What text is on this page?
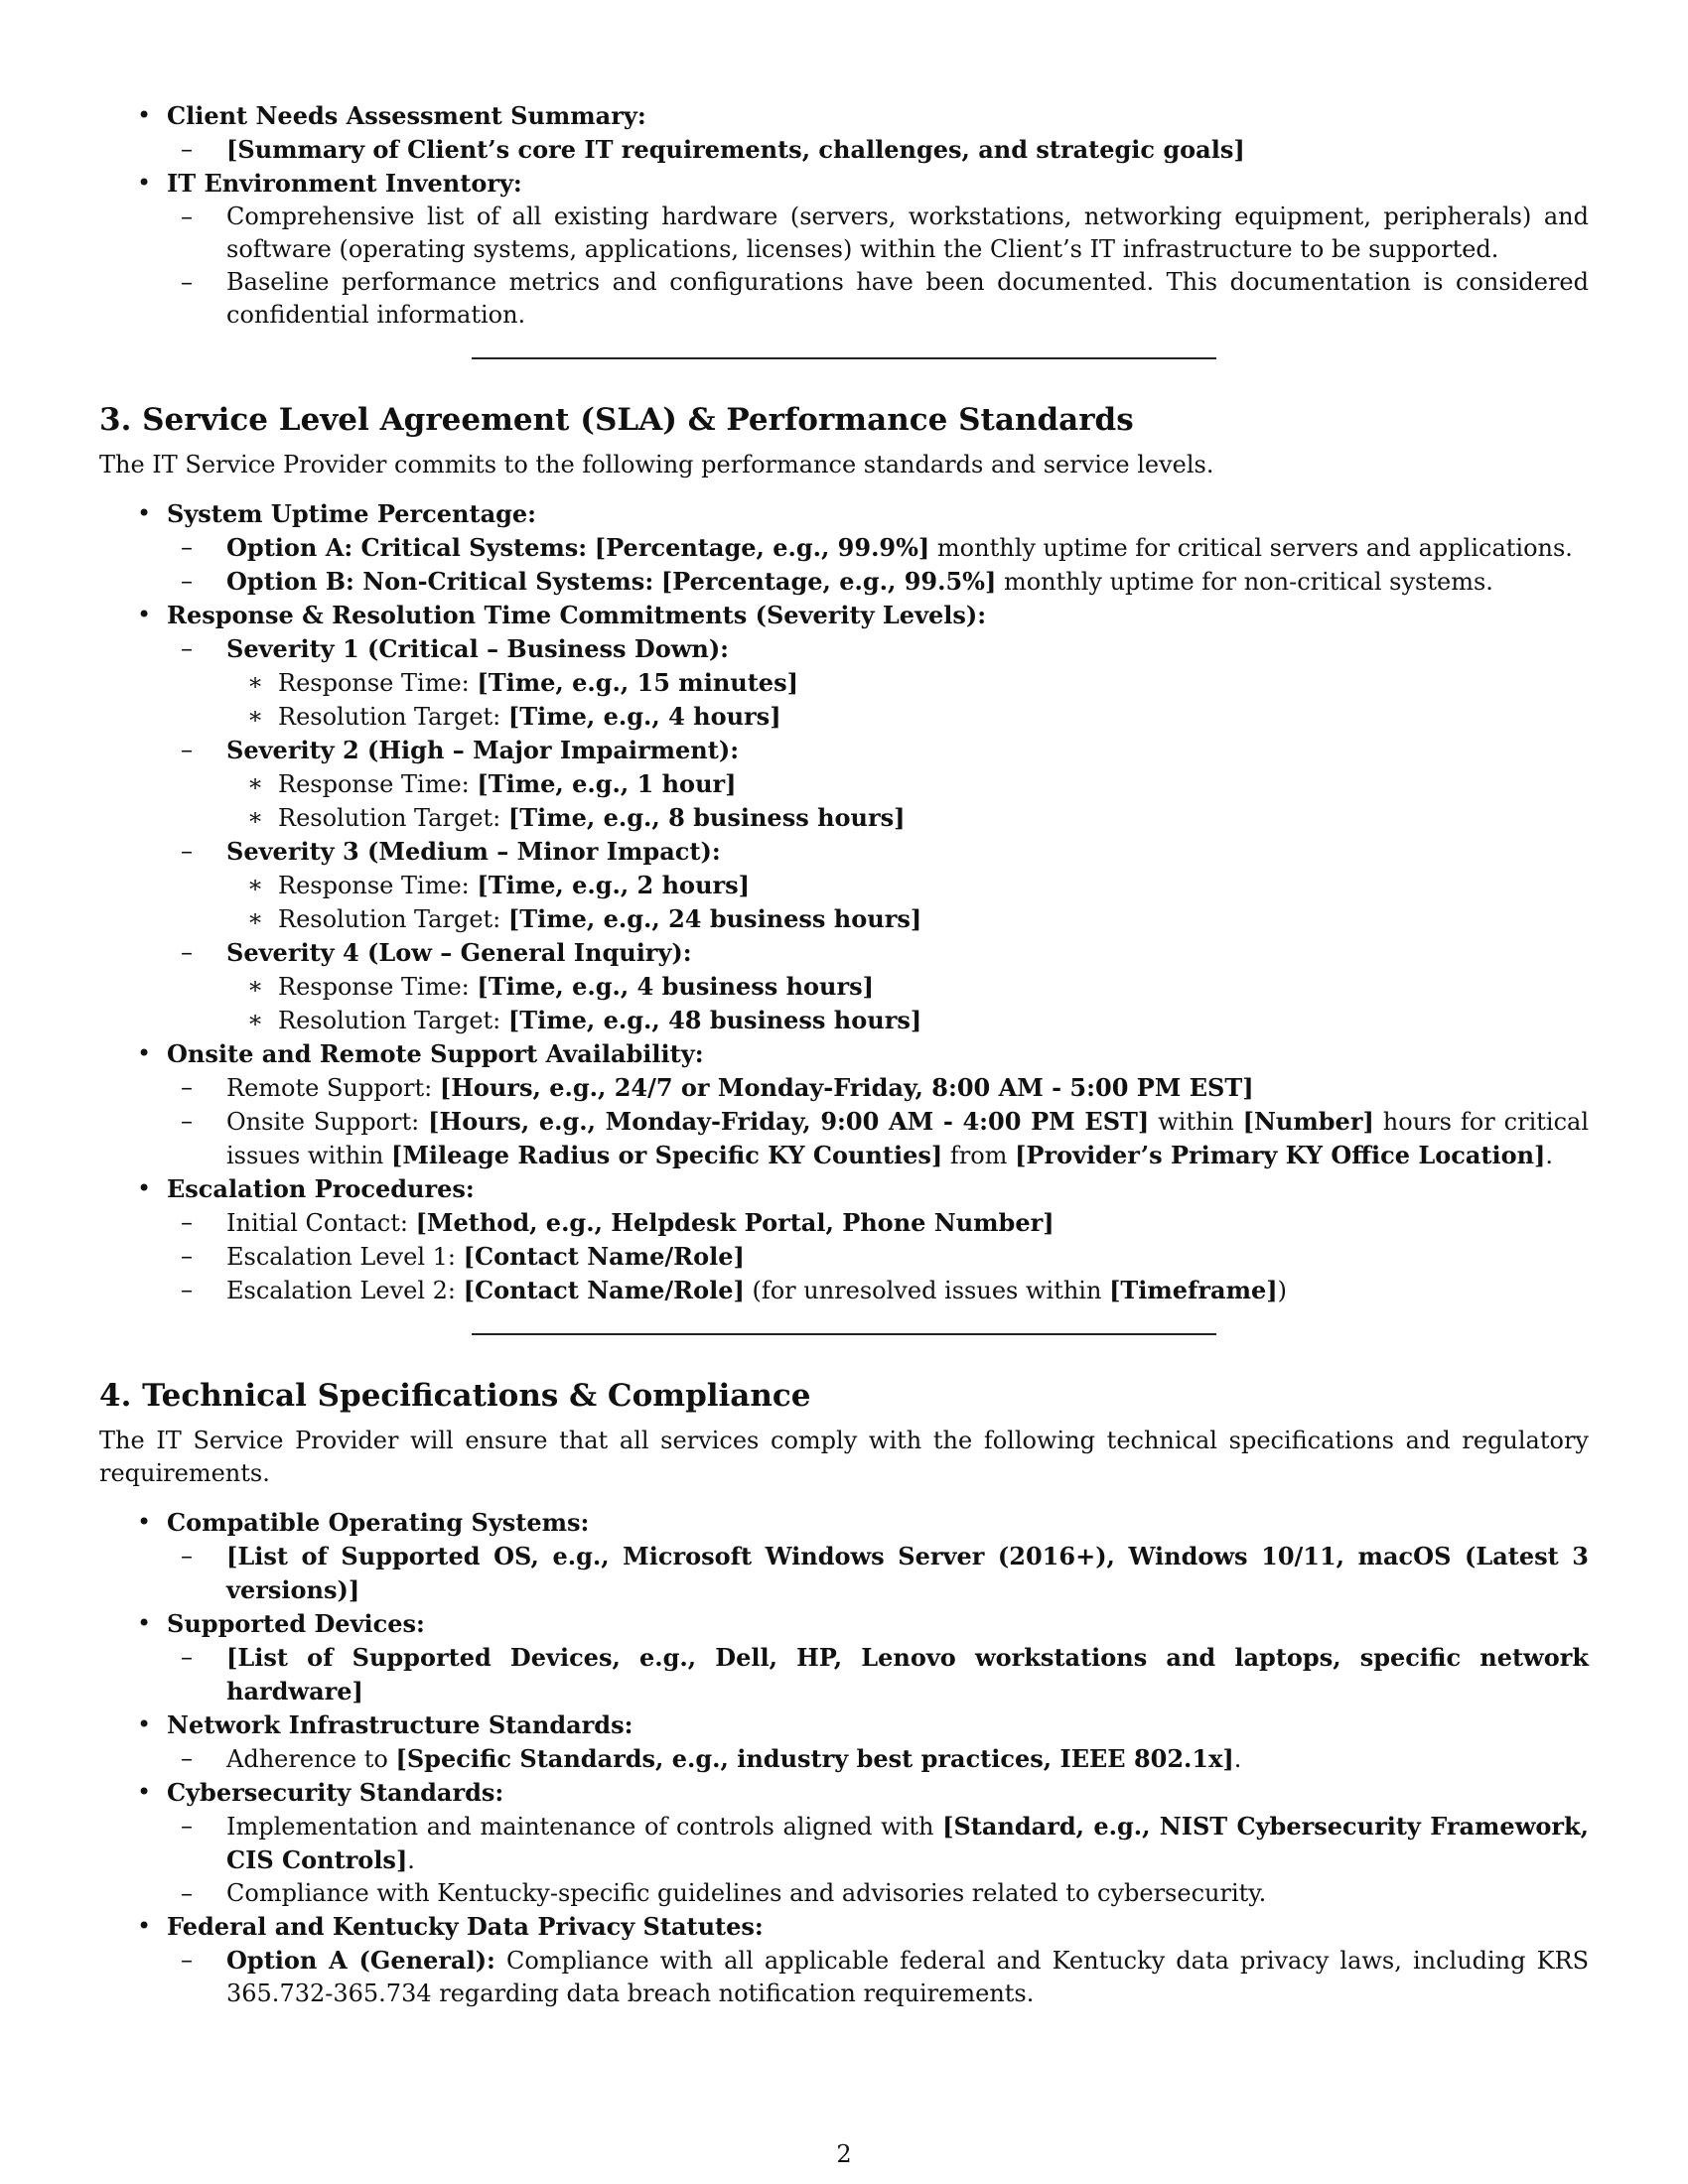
• Client Needs Assessment Summary:
–	[Summary of Client’s core IT requirements, challenges, and strategic goals]
• IT Environment Inventory:
–	Comprehensive list of all existing hardware (servers, workstations, networking equipment, peripherals) and software (operating systems, applications, licenses) within the Client’s IT infrastructure to be supported.
–	Baseline performance metrics and configurations have been documented. This documentation is considered confidential information.
3. Service Level Agreement (SLA) & Performance Standards

The IT Service Provider commits to the following performance standards and service levels.

• System Uptime Percentage:
–	Option A: Critical Systems: [Percentage, e.g., 99.9%] monthly uptime for critical servers and applications.
–	Option B: Non-Critical Systems: [Percentage, e.g., 99.5%] monthly uptime for non-critical systems.
• Response & Resolution Time Commitments (Severity Levels):
–	Severity 1 (Critical – Business Down):
∗ Response Time: [Time, e.g., 15 minutes]
∗ Resolution Target: [Time, e.g., 4 hours]
–	Severity 2 (High – Major Impairment):
∗ Response Time: [Time, e.g., 1 hour]
∗ Resolution Target: [Time, e.g., 8 business hours]
–	Severity 3 (Medium – Minor Impact):
∗ Response Time: [Time, e.g., 2 hours]
∗ Resolution Target: [Time, e.g., 24 business hours]
–	Severity 4 (Low – General Inquiry):
∗ Response Time: [Time, e.g., 4 business hours]
∗ Resolution Target: [Time, e.g., 48 business hours]
• Onsite and Remote Support Availability:
–	Remote Support: [Hours, e.g., 24/7 or Monday-Friday, 8:00 AM - 5:00 PM EST]
–	Onsite Support: [Hours, e.g., Monday-Friday, 9:00 AM - 4:00 PM EST] within [Number] hours for critical issues within [Mileage Radius or Specific KY Counties] from [Provider’s Primary KY Office Location].
• Escalation Procedures:
–	Initial Contact: [Method, e.g., Helpdesk Portal, Phone Number]
–	Escalation Level 1: [Contact Name/Role]
–	Escalation Level 2: [Contact Name/Role] (for unresolved issues within [Timeframe])
4. Technical Specifications & Compliance

The IT Service Provider will ensure that all services comply with the following technical specifications and regulatory requirements.

• Compatible Operating Systems:
–	[List of Supported OS, e.g., Microsoft Windows Server (2016+), Windows 10/11, macOS (Latest 3 versions)]
• Supported Devices:
–	[List of Supported Devices, e.g., Dell, HP, Lenovo workstations and laptops, specific network hardware]
• Network Infrastructure Standards:
–	Adherence to [Specific Standards, e.g., industry best practices, IEEE 802.1x].
• Cybersecurity Standards:
–	Implementation and maintenance of controls aligned with [Standard, e.g., NIST Cybersecurity Framework, CIS Controls].
–	Compliance with Kentucky-specific guidelines and advisories related to cybersecurity.
• Federal and Kentucky Data Privacy Statutes:
–	Option A (General): Compliance with all applicable federal and Kentucky data privacy laws, including KRS 365.732-365.734 regarding data breach notification requirements.
2
